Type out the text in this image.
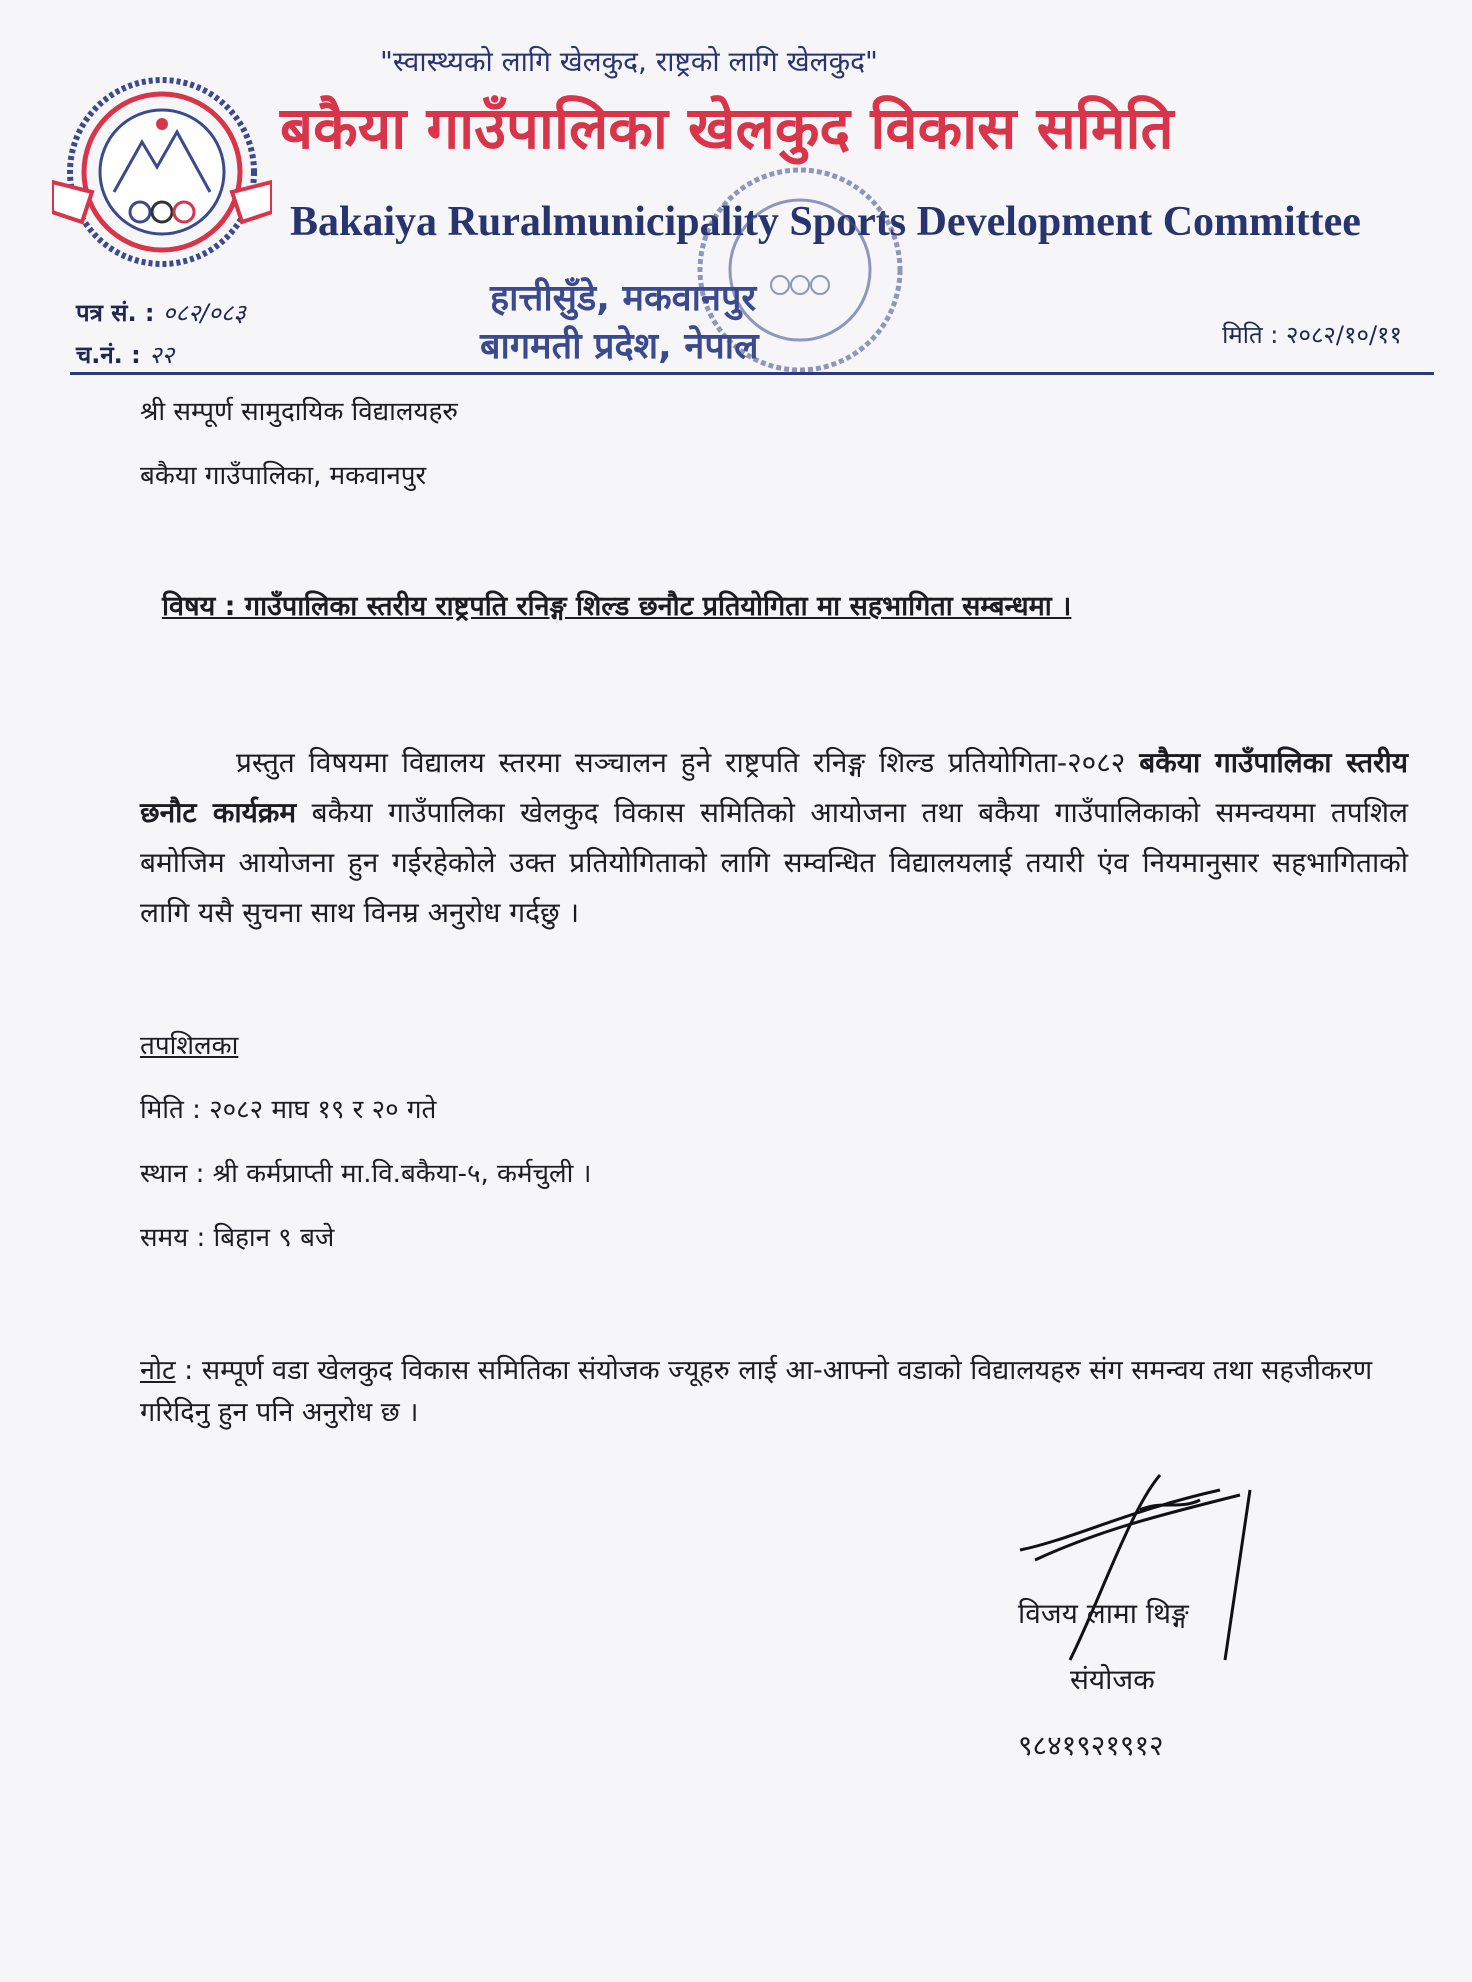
"स्वास्थ्यको लागि खेलकुद, राष्ट्रको लागि खेलकुद"
बकैया गाउँपालिका खेलकुद विकास समिति
Bakaiya Ruralmunicipality Sports Development Committee
हात्तीसुँडे, मकवानपुर
बागमती प्रदेश, नेपाल
पत्र सं. : ०८२/०८३
च.नं. : २२
मिति : २०८२/१०/११
श्री सम्पूर्ण सामुदायिक विद्यालयहरु
बकैया गाउँपालिका, मकवानपुर
विषय : गाउँपालिका स्तरीय राष्ट्रपति रनिङ्ग शिल्ड छनौट प्रतियोगिता मा सहभागिता सम्बन्धमा ।
प्रस्तुत विषयमा विद्यालय स्तरमा सञ्चालन हुने राष्ट्रपति रनिङ्ग शिल्ड प्रतियोगिता-२०८२ बकैया गाउँपालिका स्तरीय छनौट कार्यक्रम बकैया गाउँपालिका खेलकुद विकास समितिको आयोजना तथा बकैया गाउँपालिकाको समन्वयमा तपशिल बमोजिम आयोजना हुन गईरहेकोले उक्त प्रतियोगिताको लागि सम्वन्धित विद्यालयलाई तयारी एंव नियमानुसार सहभागिताको लागि यसै सुचना साथ विनम्र अनुरोध गर्दछु ।
तपशिलका
मिति : २०८२ माघ १९ र २० गते
स्थान : श्री कर्मप्राप्ती मा.वि.बकैया-५, कर्मचुली ।
समय : बिहान ९ बजे
नोट : सम्पूर्ण वडा खेलकुद विकास समितिका संयोजक ज्यूहरु लाई आ-आफ्नो वडाको विद्यालयहरु संग समन्वय तथा सहजीकरण गरिदिनु हुन पनि अनुरोध छ ।
विजय लामा थिङ्ग
संयोजक
९८४१९२१९१२
